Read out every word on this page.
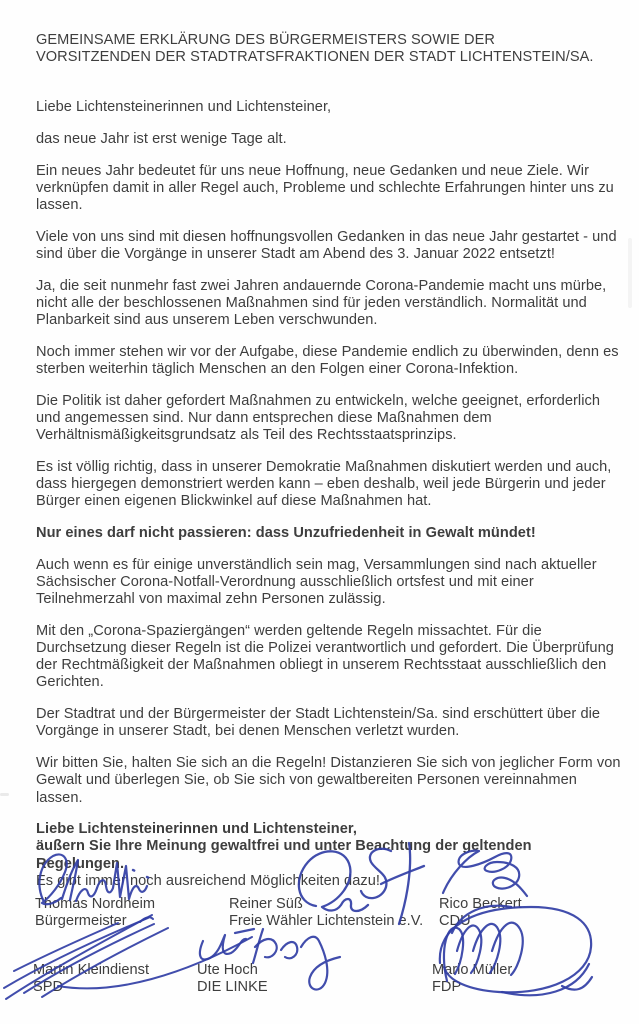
GEMEINSAME ERKLÄRUNG DES BÜRGERMEISTERS SOWIE DER VORSITZENDEN DER STADTRATSFRAKTIONEN DER STADT LICHTENSTEIN/SA.

Liebe Lichtensteinerinnen und Lichtensteiner,

das neue Jahr ist erst wenige Tage alt.

Ein neues Jahr bedeutet für uns neue Hoffnung, neue Gedanken und neue Ziele. Wir verknüpfen damit in aller Regel auch, Probleme und schlechte Erfahrungen hinter uns zu lassen.

Viele von uns sind mit diesen hoffnungsvollen Gedanken in das neue Jahr gestartet - und sind über die Vorgänge in unserer Stadt am Abend des 3. Januar 2022 entsetzt!

Ja, die seit nunmehr fast zwei Jahren andauernde Corona-Pandemie macht uns mürbe, nicht alle der beschlossenen Maßnahmen sind für jeden verständlich. Normalität und Planbarkeit sind aus unserem Leben verschwunden.

Noch immer stehen wir vor der Aufgabe, diese Pandemie endlich zu überwinden, denn es sterben weiterhin täglich Menschen an den Folgen einer Corona-Infektion.

Die Politik ist daher gefordert Maßnahmen zu entwickeln, welche geeignet, erforderlich und angemessen sind. Nur dann entsprechen diese Maßnahmen dem Verhältnismäßigkeitsgrundsatz als Teil des Rechtsstaatsprinzips.

Es ist völlig richtig, dass in unserer Demokratie Maßnahmen diskutiert werden und auch, dass hiergegen demonstriert werden kann – eben deshalb, weil jede Bürgerin und jeder Bürger einen eigenen Blickwinkel auf diese Maßnahmen hat.

Nur eines darf nicht passieren: dass Unzufriedenheit in Gewalt mündet!

Auch wenn es für einige unverständlich sein mag, Versammlungen sind nach aktueller Sächsischer Corona-Notfall-Verordnung ausschließlich ortsfest und mit einer Teilnehmerzahl von maximal zehn Personen zulässig.

Mit den „Corona-Spaziergängen“ werden geltende Regeln missachtet. Für die Durchsetzung dieser Regeln ist die Polizei verantwortlich und gefordert. Die Überprüfung der Rechtmäßigkeit der Maßnahmen obliegt in unserem Rechtsstaat ausschließlich den Gerichten.

Der Stadtrat und der Bürgermeister der Stadt Lichtenstein/Sa. sind erschüttert über die Vorgänge in unserer Stadt, bei denen Menschen verletzt wurden.

Wir bitten Sie, halten Sie sich an die Regeln! Distanzieren Sie sich von jeglicher Form von Gewalt und überlegen Sie, ob Sie sich von gewaltbereiten Personen vereinnahmen lassen.

Liebe Lichtensteinerinnen und Lichtensteiner,

äußern Sie Ihre Meinung gewaltfrei und unter Beachtung der geltenden Regelungen.

Es gibt immer noch ausreichend Möglichkeiten dazu!

Thomas Nordheim
Bürgermeister
Reiner Süß
Freie Wähler Lichtenstein e.V.
Rico Beckert
CDU
Martin Kleindienst
SPD
Ute Hoch
DIE LINKE
Mario Müller
FDP
